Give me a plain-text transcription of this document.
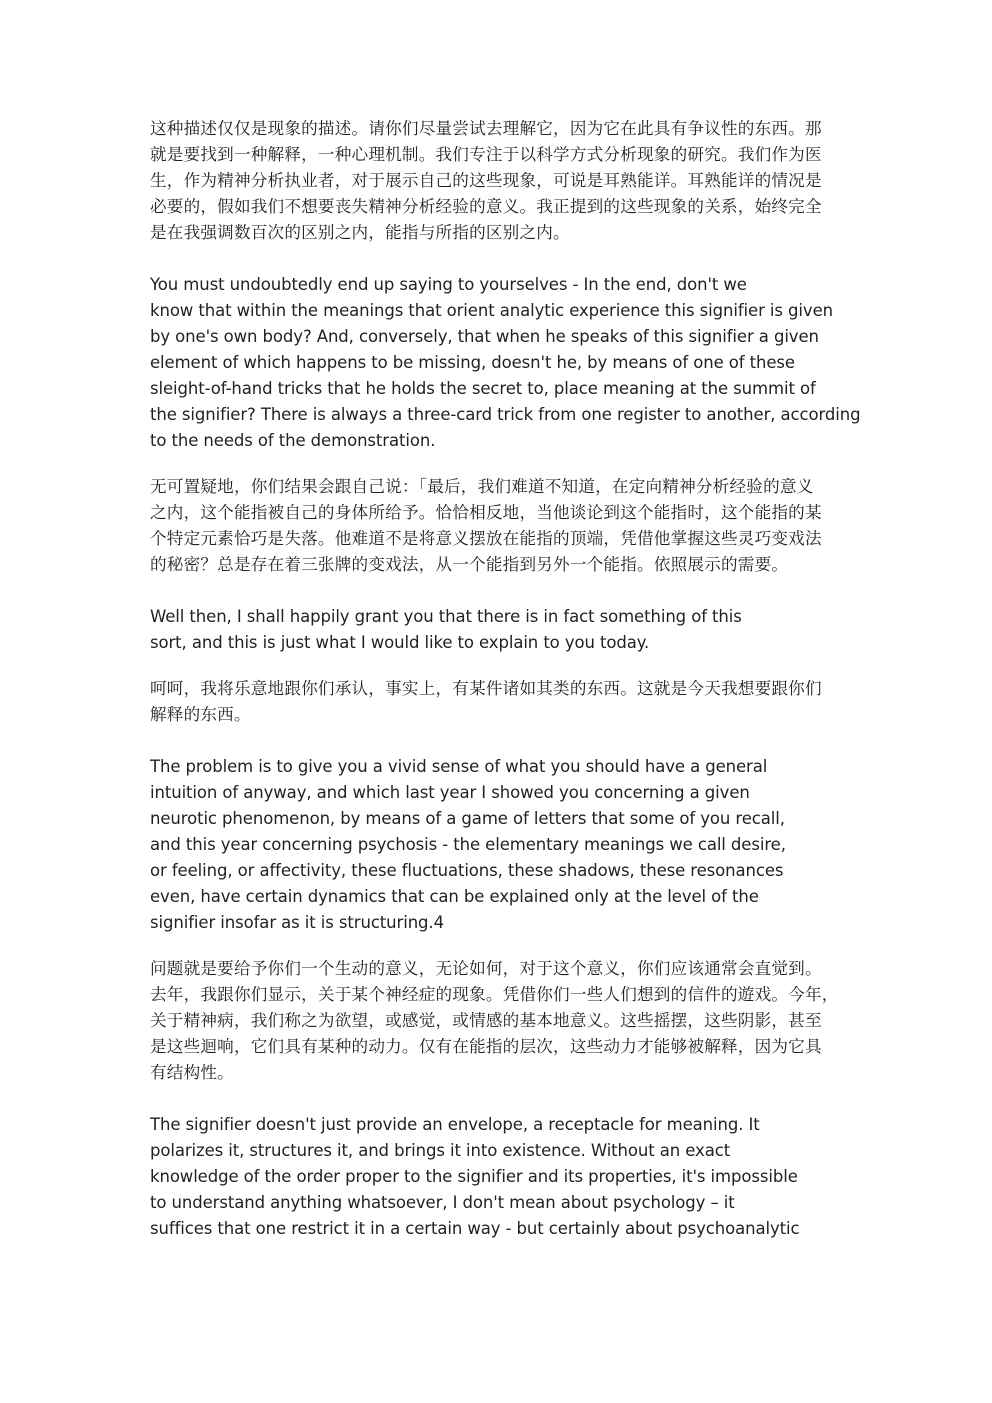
这种描述仅仅是现象的描述。请你们尽量尝试去理解它，因为它在此具有争议性的东西。那
就是要找到一种解释，一种心理机制。我们专注于以科学方式分析现象的研究。我们作为医
生，作为精神分析执业者，对于展示自己的这些现象，可说是耳熟能详。耳熟能详的情况是
必要的，假如我们不想要丧失精神分析经验的意义。我正提到的这些现象的关系，始终完全
是在我强调数百次的区别之内，能指与所指的区别之内。
You must undoubtedly end up saying to yourselves - In the end, don't we
know that within the meanings that orient analytic experience this signifier is given
by one's own body? And, conversely, that when he speaks of this signifier a given
element of which happens to be missing, doesn't he, by means of one of these
sleight-of-hand tricks that he holds the secret to, place meaning at the summit of
the signifier? There is always a three-card trick from one register to another, according
to the needs of the demonstration.
无可置疑地，你们结果会跟自己说：「最后，我们难道不知道，在定向精神分析经验的意义
之内，这个能指被自己的身体所给予。恰恰相反地，当他谈论到这个能指时，这个能指的某
个特定元素恰巧是失落。他难道不是将意义摆放在能指的顶端，凭借他掌握这些灵巧变戏法
的秘密？总是存在着三张牌的变戏法，从一个能指到另外一个能指。依照展示的需要。
Well then, I shall happily grant you that there is in fact something of this
sort, and this is just what I would like to explain to you today.
呵呵，我将乐意地跟你们承认，事实上，有某件诸如其类的东西。这就是今天我想要跟你们
解释的东西。
The problem is to give you a vivid sense of what you should have a general
intuition of anyway, and which last year I showed you concerning a given
neurotic phenomenon, by means of a game of letters that some of you recall,
and this year concerning psychosis - the elementary meanings we call desire,
or feeling, or affectivity, these fluctuations, these shadows, these resonances
even, have certain dynamics that can be explained only at the level of the
signifier insofar as it is structuring.4
问题就是要给予你们一个生动的意义，无论如何，对于这个意义，你们应该通常会直觉到。
去年，我跟你们显示，关于某个神经症的现象。凭借你们一些人们想到的信件的遊戏。今年，
关于精神病，我们称之为欲望，或感觉，或情感的基本地意义。这些摇摆，这些阴影，甚至
是这些迴响，它们具有某种的动力。仅有在能指的层次，这些动力才能够被解释，因为它具
有结构性。
The signifier doesn't just provide an envelope, a receptacle for meaning. It
polarizes it, structures it, and brings it into existence. Without an exact
knowledge of the order proper to the signifier and its properties, it's impossible
to understand anything whatsoever, I don't mean about psychology – it
suffices that one restrict it in a certain way - but certainly about psychoanalytic
